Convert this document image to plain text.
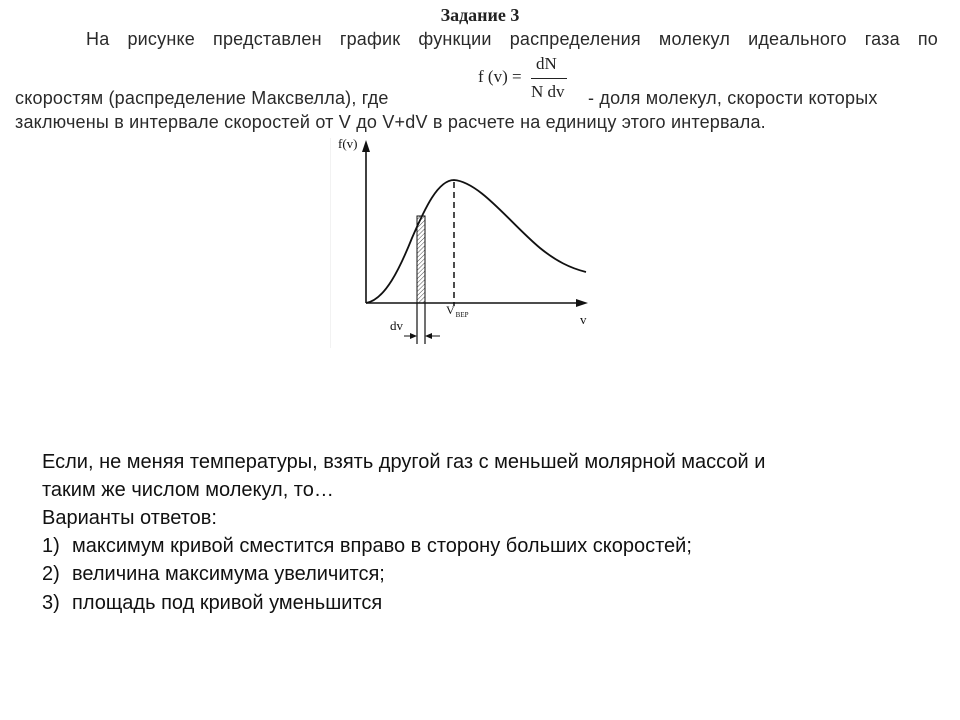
Задание 3
На рисунке представлен график функции распределения молекул идеального газа по
f (v) =
dN
N dv
скоростям (распределение Максвелла), где	- доля молекул, скорости которых
заключены в интервале скоростей от V до V+dV в расчете на единицу этого интервала.
f(v)
v
dv
$V_{ВЕР}$
Если, не меняя температуры, взять другой газ с меньшей молярной массой и
таким же числом молекул, то…
Варианты ответов:
1) максимум кривой сместится вправо в сторону больших скоростей;
2) величина максимума увеличится;
3) площадь под кривой уменьшится
